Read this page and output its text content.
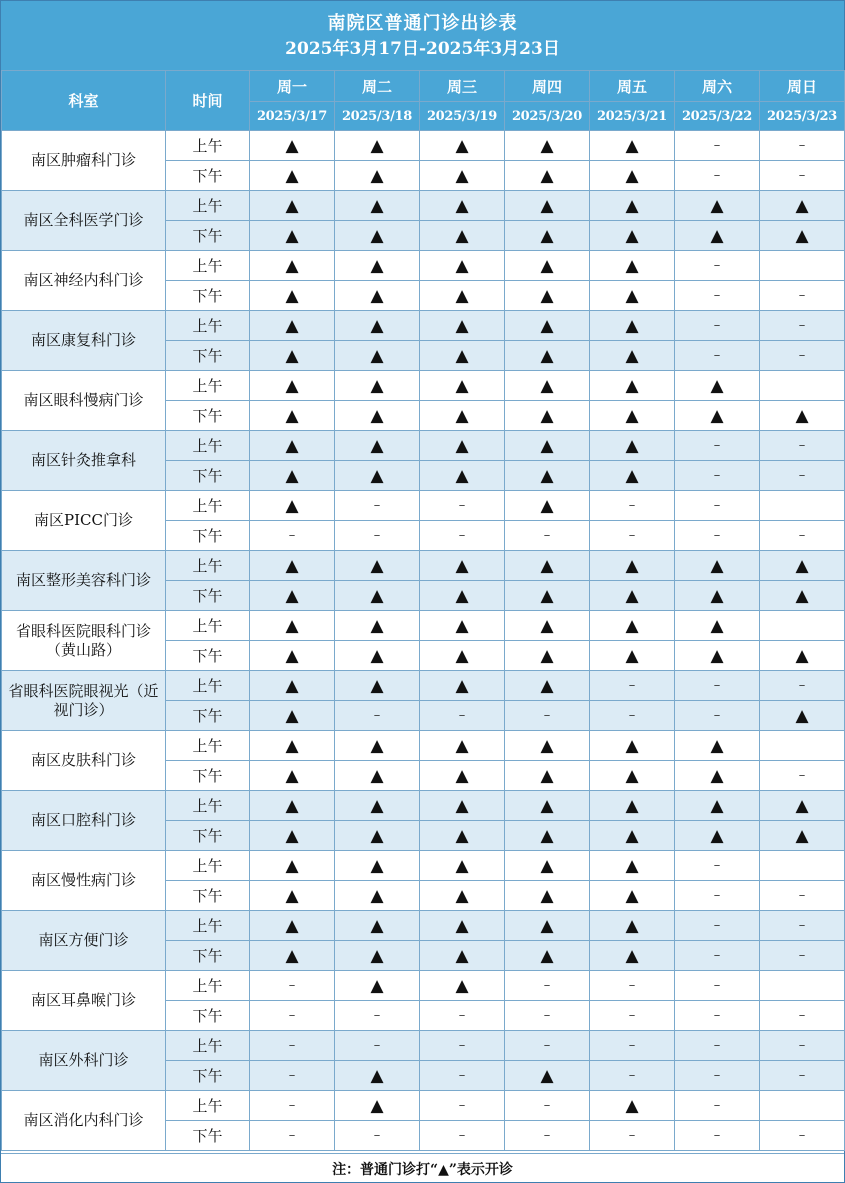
南院区普通门诊出诊表
2025年3月17日-2025年3月23日
科室	时间	周一	周二	周三	周四	周五	周六	周日
		2025/3/17	2025/3/18	2025/3/19	2025/3/20	2025/3/21	2025/3/22	2025/3/23
南区肿瘤科门诊	上午	▲	▲	▲	▲	▲	–	–
	下午	▲	▲	▲	▲	▲	–	–
南区全科医学门诊	上午	▲	▲	▲	▲	▲	▲	▲
	下午	▲	▲	▲	▲	▲	▲	▲
南区神经内科门诊	上午	▲	▲	▲	▲	▲	–	
	下午	▲	▲	▲	▲	▲	–	–
南区康复科门诊	上午	▲	▲	▲	▲	▲	–	–
	下午	▲	▲	▲	▲	▲	–	–
南区眼科慢病门诊	上午	▲	▲	▲	▲	▲	▲	
	下午	▲	▲	▲	▲	▲	▲	▲
南区针灸推拿科	上午	▲	▲	▲	▲	▲	–	–
	下午	▲	▲	▲	▲	▲	–	–
南区PICC门诊	上午	▲	–	–	▲	–	–	
	下午	–	–	–	–	–	–	–
南区整形美容科门诊	上午	▲	▲	▲	▲	▲	▲	▲
	下午	▲	▲	▲	▲	▲	▲	▲
省眼科医院眼科门诊（黄山路）	上午	▲	▲	▲	▲	▲	▲	
	下午	▲	▲	▲	▲	▲	▲	▲
省眼科医院眼视光（近视门诊）	上午	▲	▲	▲	▲	–	–	–
	下午	▲	–	–	–	–	–	▲
南区皮肤科门诊	上午	▲	▲	▲	▲	▲	▲	
	下午	▲	▲	▲	▲	▲	▲	–
南区口腔科门诊	上午	▲	▲	▲	▲	▲	▲	▲
	下午	▲	▲	▲	▲	▲	▲	▲
南区慢性病门诊	上午	▲	▲	▲	▲	▲	–	
	下午	▲	▲	▲	▲	▲	–	–
南区方便门诊	上午	▲	▲	▲	▲	▲	–	–
	下午	▲	▲	▲	▲	▲	–	–
南区耳鼻喉门诊	上午	–	▲	▲	–	–	–	
	下午	–	–	–	–	–	–	–
南区外科门诊	上午	–	–	–	–	–	–	–
	下午	–	▲	–	▲	–	–	–
南区消化内科门诊	上午	–	▲	–	–	▲	–	
	下午	–	–	–	–	–	–	–
注：普通门诊打“▲”表示开诊
